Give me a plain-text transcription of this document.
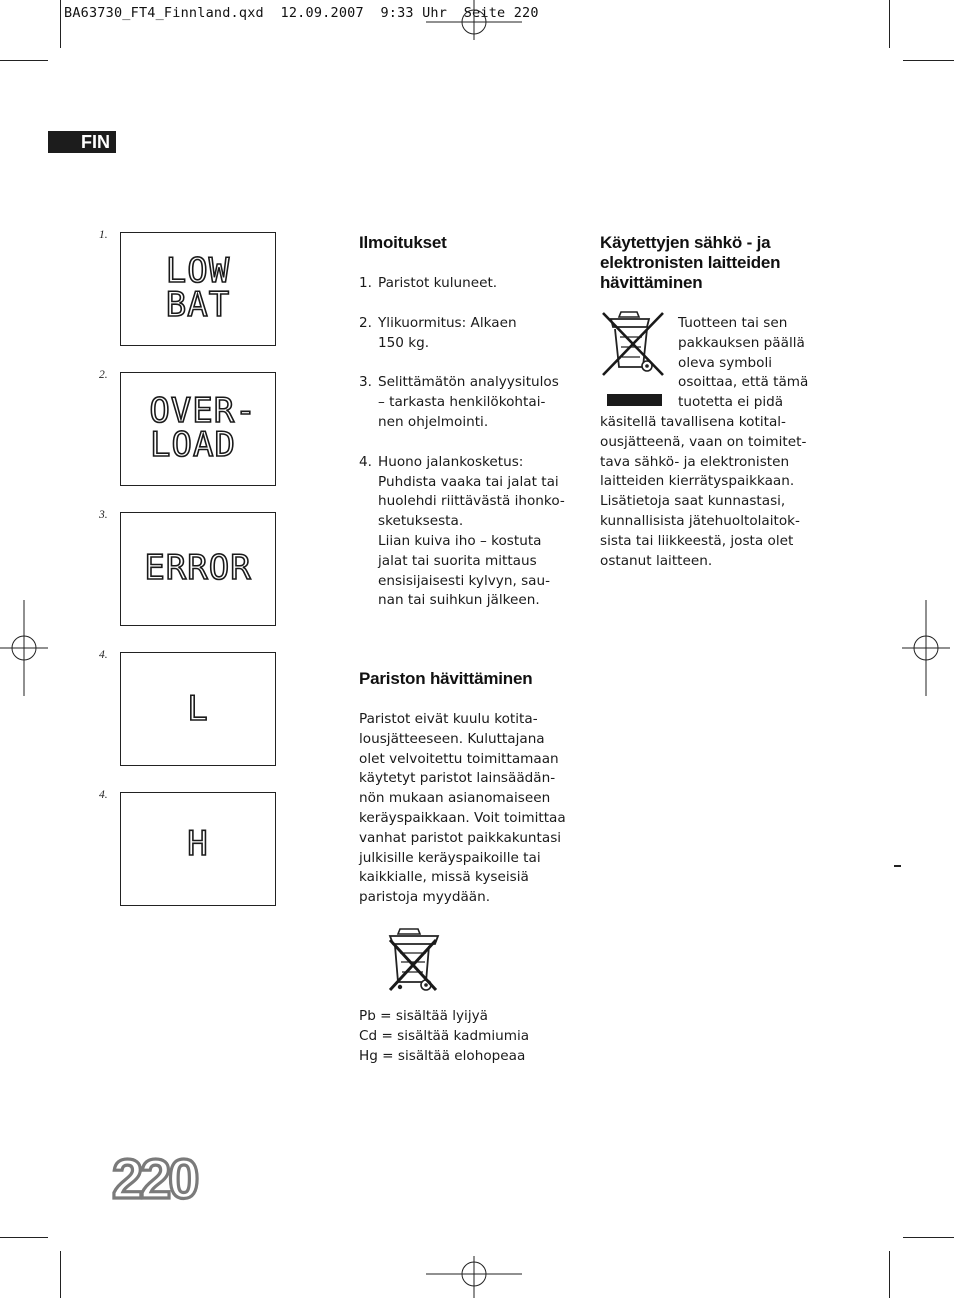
BA63730_FT4_Finnland.qxd  12.09.2007  9:33 Uhr  Seite 220
FIN
1.
LOW
BAT
2.
OVER-
LOAD
3.
ERROR
4.
L
4.
H
Ilmoitukset
1. Paristot kuluneet.

2. Ylikuormitus: Alkaen

150 kg.

3. Selittämätön analyysitulos

– tarkasta henkilökohtai-

nen ohjelmointi.

4. Huono jalankosketus:

Puhdista vaaka tai jalat tai

huolehdi riittävästä ihonko-

sketuksesta.

Liian kuiva iho – kostuta

jalat tai suorita mittaus

ensisijaisesti kylvyn, sau-

nan tai suihkun jälkeen.

Pariston hävittäminen

Paristot eivät kuulu kotita-

lousjätteeseen. Kuluttajana

olet velvoitettu toimittamaan

käytetyt paristot lainsäädän-

nön mukaan asianomaiseen

keräyspaikkaan. Voit toimittaa

vanhat paristot paikkakuntasi

julkisille keräyspaikoille tai

kaikkialle, missä kyseisiä

paristoja myydään.

Pb = sisältää lyijyä

Cd = sisältää kadmiumia

Hg = sisältää elohopeaa

Käytettyjen sähkö - ja
elektronisten laitteiden
hävittäminen

Tuotteen tai sen

pakkauksen päällä

oleva symboli

osoittaa, että tämä

tuotetta ei pidä

käsitellä tavallisena kotital-

ousjätteenä, vaan on toimitet-

tava sähkö- ja elektronisten

laitteiden kierrätyspaikkaan.

Lisätietoja saat kunnastasi,

kunnallisista jätehuoltolaitok-

sista tai liikkeestä, josta olet

ostanut laitteen.

220
